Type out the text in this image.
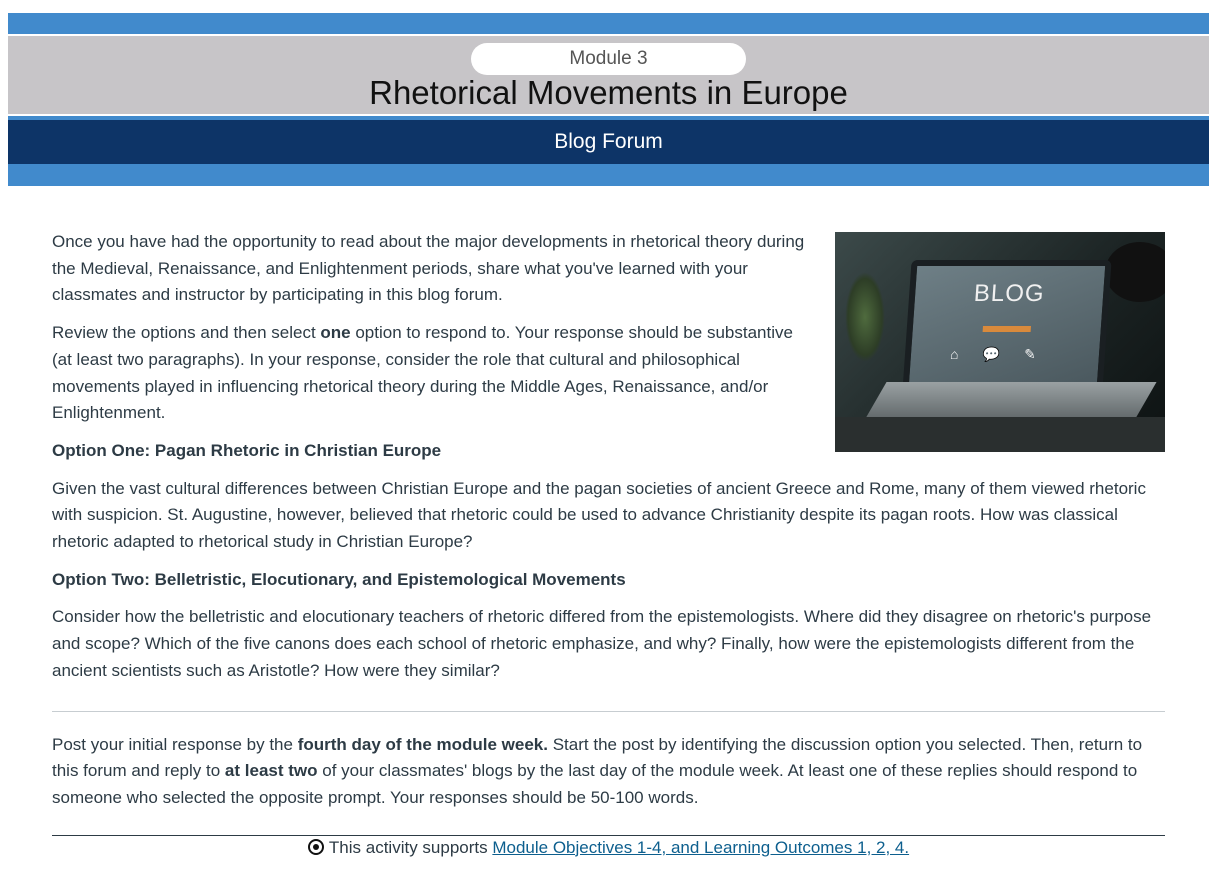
Module 3
Rhetorical Movements in Europe
Blog Forum
BLOG
⌂💬✎

Once you have had the opportunity to read about the major developments in rhetorical theory during the Medieval, Renaissance, and Enlightenment periods, share what you've learned with your classmates and instructor by participating in this blog forum.

Review the options and then select one option to respond to. Your response should be substantive (at least two paragraphs). In your response, consider the role that cultural and philosophical movements played in influencing rhetorical theory during the Middle Ages, Renaissance, and/or Enlightenment.

Option One: Pagan Rhetoric in Christian Europe

Given the vast cultural differences between Christian Europe and the pagan societies of ancient Greece and Rome, many of them viewed rhetoric with suspicion. St. Augustine, however, believed that rhetoric could be used to advance Christianity despite its pagan roots. How was classical rhetoric adapted to rhetorical study in Christian Europe?

Option Two: Belletristic, Elocutionary, and Epistemological Movements

Consider how the belletristic and elocutionary teachers of rhetoric differed from the epistemologists. Where did they disagree on rhetoric's purpose and scope? Which of the five canons does each school of rhetoric emphasize, and why? Finally, how were the epistemologists different from the ancient scientists such as Aristotle? How were they similar?

Post your initial response by the fourth day of the module week. Start the post by identifying the discussion option you selected. Then, return to this forum and reply to at least two of your classmates' blogs by the last day of the module week. At least one of these replies should respond to someone who selected the opposite prompt. Your responses should be 50-100 words.

This activity supports Module Objectives 1-4, and Learning Outcomes 1, 2, 4.
